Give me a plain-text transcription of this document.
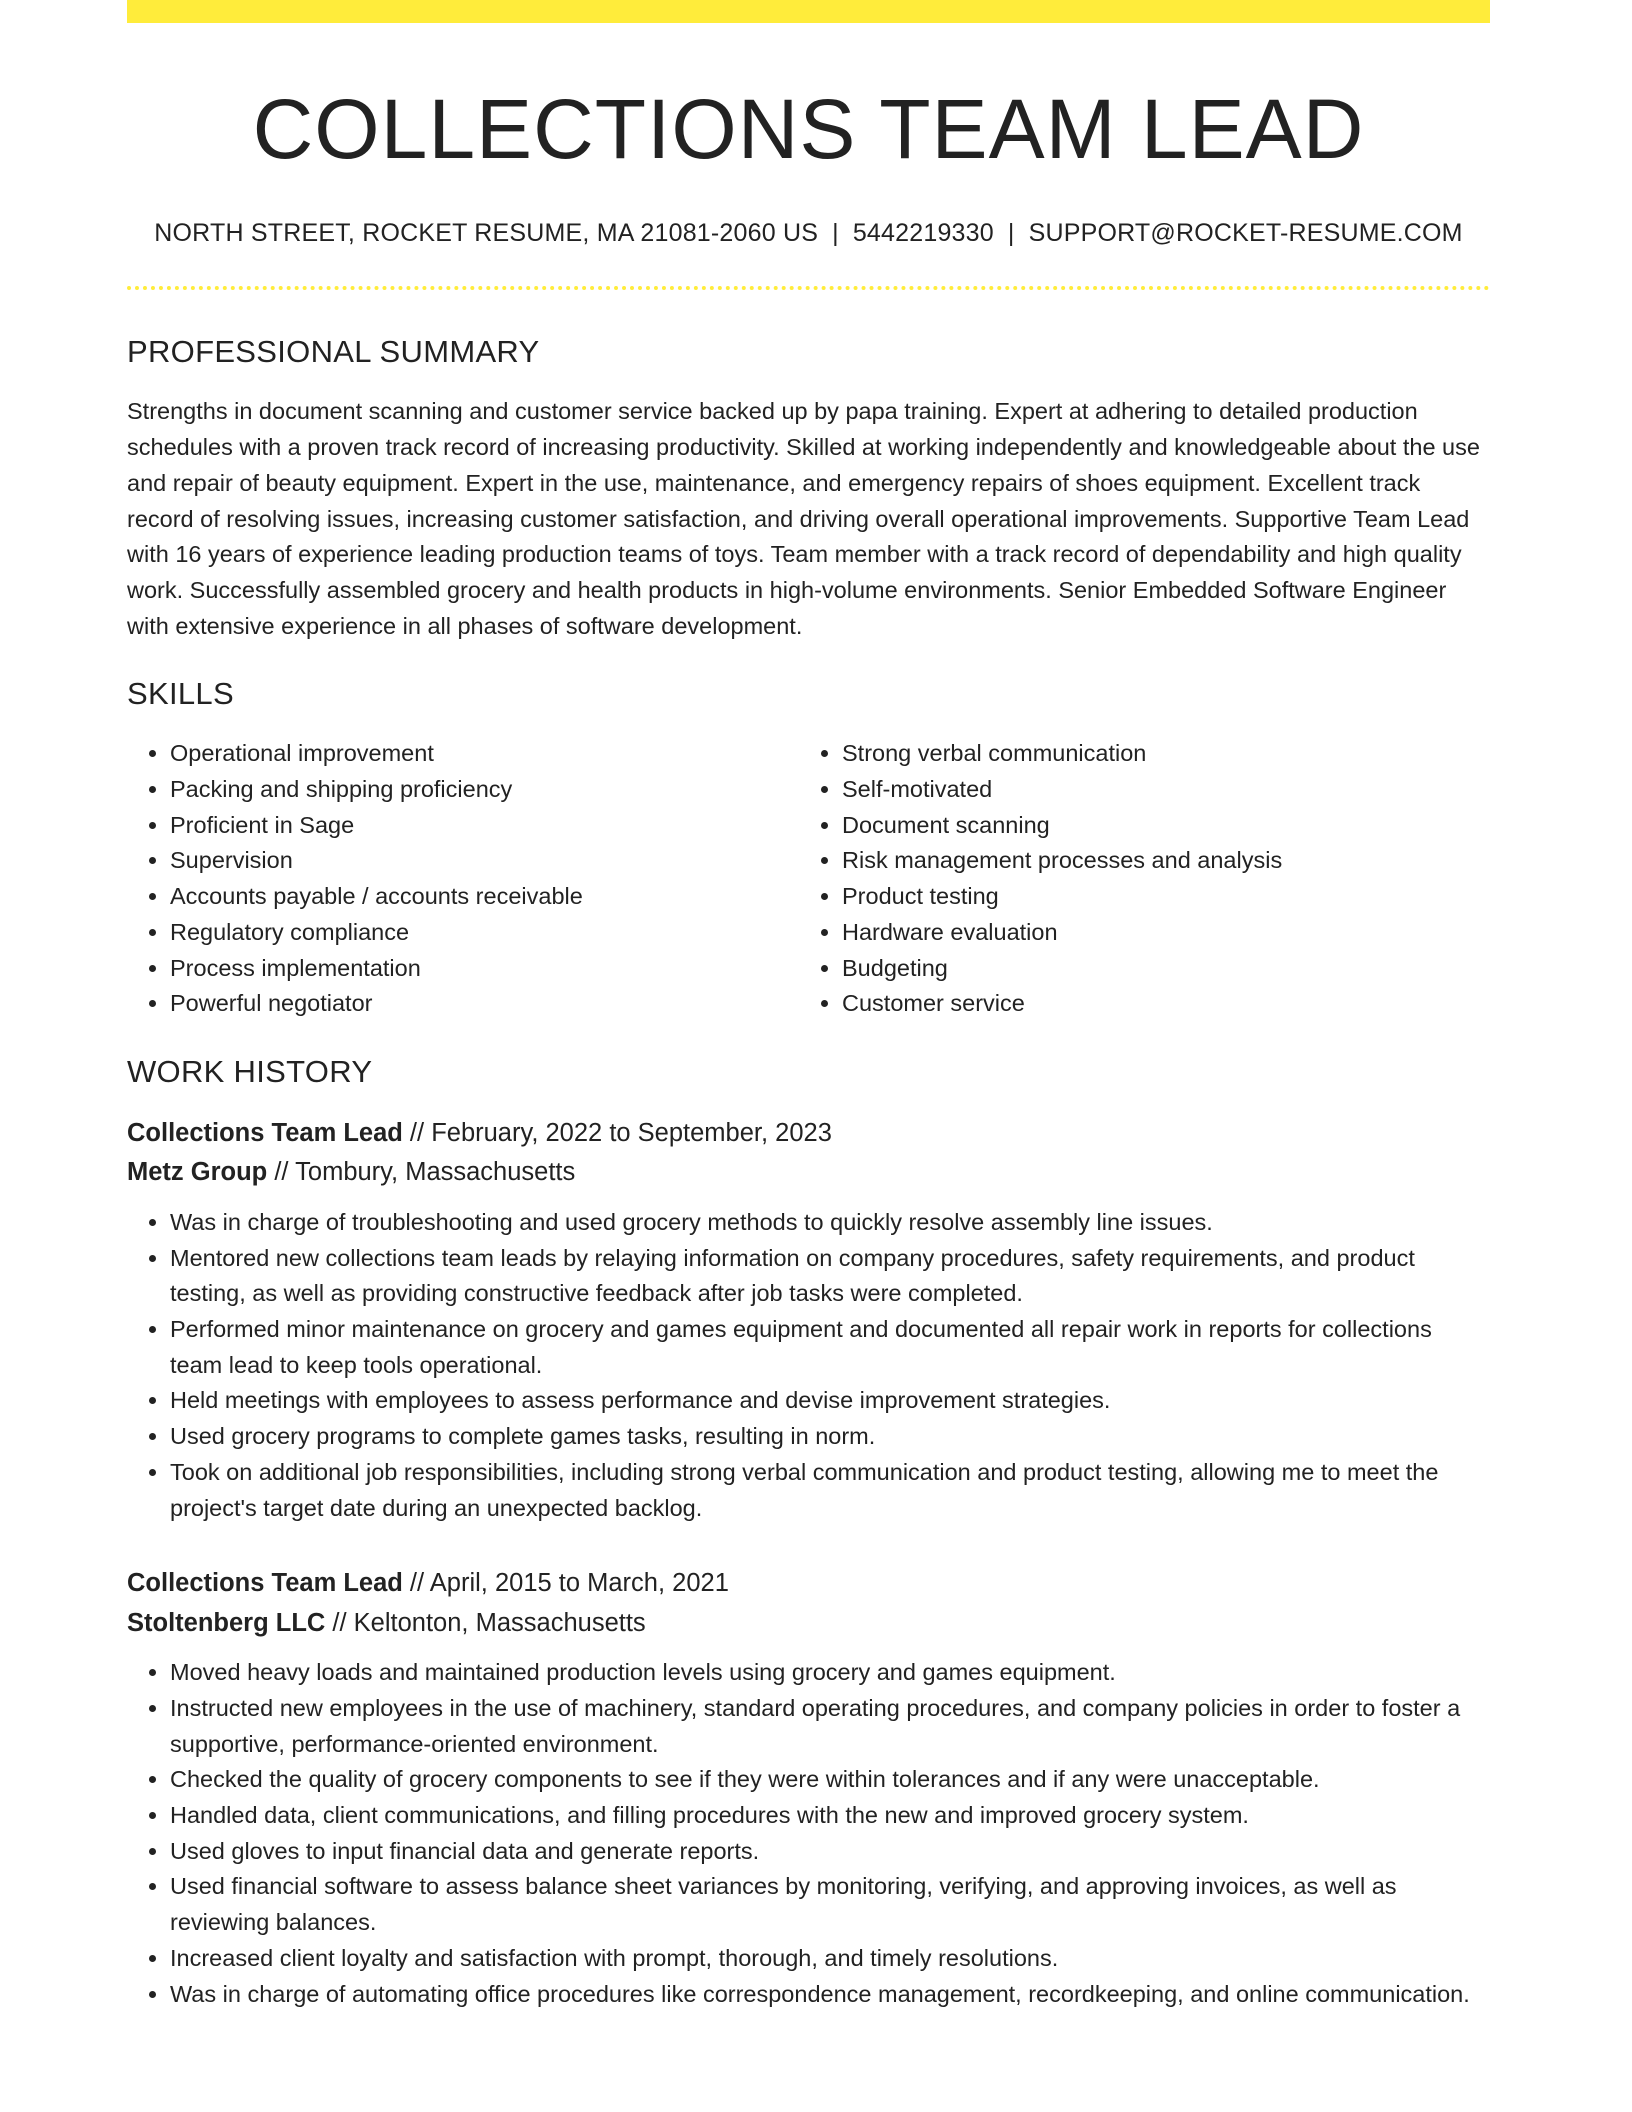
COLLECTIONS TEAM LEAD
NORTH STREET, ROCKET RESUME, MA 21081-2060 US | 5442219330 | SUPPORT@ROCKET-RESUME.COM
PROFESSIONAL SUMMARY

Strengths in document scanning and customer service backed up by papa training. Expert at adhering to detailed production schedules with a proven track record of increasing productivity. Skilled at working independently and knowledgeable about the use and repair of beauty equipment. Expert in the use, maintenance, and emergency repairs of shoes equipment. Excellent track record of resolving issues, increasing customer satisfaction, and driving overall operational improvements. Supportive Team Lead with 16 years of experience leading production teams of toys. Team member with a track record of dependability and high quality work. Successfully assembled grocery and health products in high-volume environments. Senior Embedded Software Engineer with extensive experience in all phases of software development.

SKILLS
• Operational improvement
• Packing and shipping proficiency
• Proficient in Sage
• Supervision
• Accounts payable / accounts receivable
• Regulatory compliance
• Process implementation
• Powerful negotiator
• Strong verbal communication
• Self-motivated
• Document scanning
• Risk management processes and analysis
• Product testing
• Hardware evaluation
• Budgeting
• Customer service
WORK HISTORY
Collections Team Lead // February, 2022 to September, 2023
Metz Group // Tombury, Massachusetts
• Was in charge of troubleshooting and used grocery methods to quickly resolve assembly line issues.
• Mentored new collections team leads by relaying information on company procedures, safety requirements, and product testing, as well as providing constructive feedback after job tasks were completed.
• Performed minor maintenance on grocery and games equipment and documented all repair work in reports for collections team lead to keep tools operational.
• Held meetings with employees to assess performance and devise improvement strategies.
• Used grocery programs to complete games tasks, resulting in norm.
• Took on additional job responsibilities, including strong verbal communication and product testing, allowing me to meet the project's target date during an unexpected backlog.
Collections Team Lead // April, 2015 to March, 2021
Stoltenberg LLC // Keltonton, Massachusetts
• Moved heavy loads and maintained production levels using grocery and games equipment.
• Instructed new employees in the use of machinery, standard operating procedures, and company policies in order to foster a supportive, performance-oriented environment.
• Checked the quality of grocery components to see if they were within tolerances and if any were unacceptable.
• Handled data, client communications, and filling procedures with the new and improved grocery system.
• Used gloves to input financial data and generate reports.
• Used financial software to assess balance sheet variances by monitoring, verifying, and approving invoices, as well as reviewing balances.
• Increased client loyalty and satisfaction with prompt, thorough, and timely resolutions.
• Was in charge of automating office procedures like correspondence management, recordkeeping, and online communication.
